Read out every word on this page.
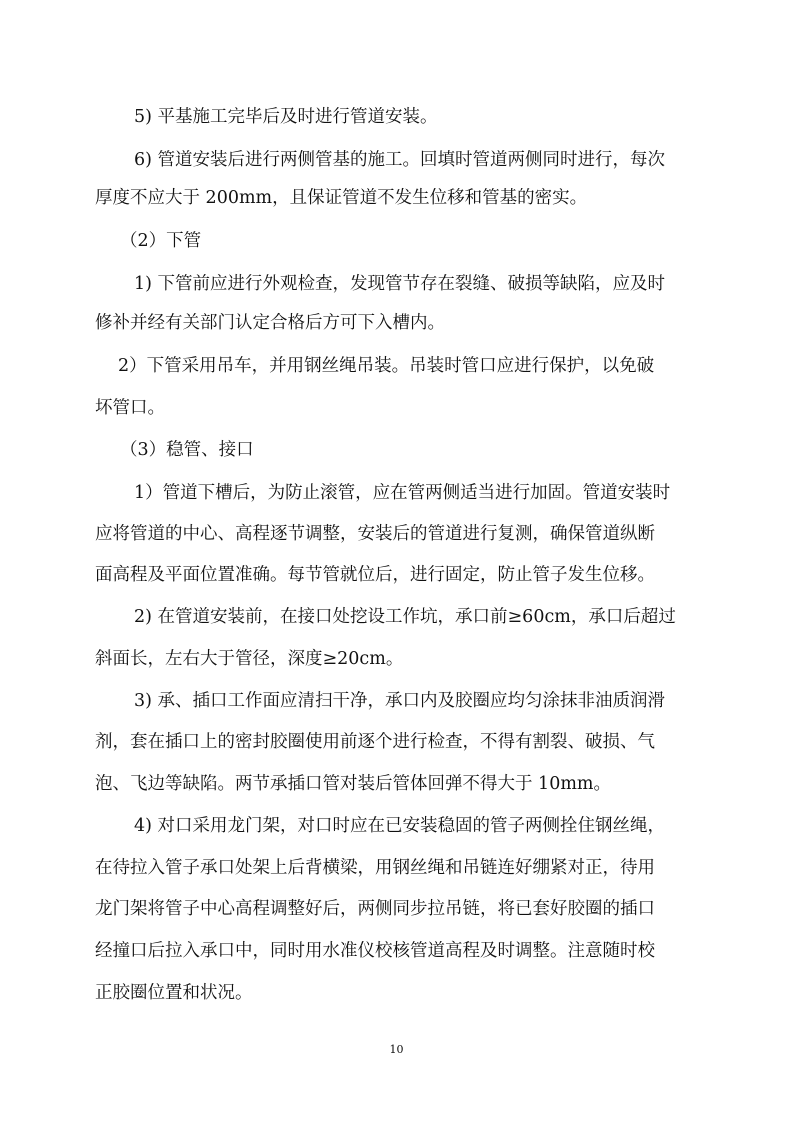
5) 平基施工完毕后及时进行管道安装。
6) 管道安装后进行两侧管基的施工。回填时管道两侧同时进行，每次
厚度不应大于 200mm，且保证管道不发生位移和管基的密实。
（2）下管
1) 下管前应进行外观检查，发现管节存在裂缝、破损等缺陷，应及时
修补并经有关部门认定合格后方可下入槽内。
2）下管采用吊车，并用钢丝绳吊装。吊装时管口应进行保护，以免破
坏管口。
（3）稳管、接口
1）管道下槽后，为防止滚管，应在管两侧适当进行加固。管道安装时
应将管道的中心、高程逐节调整，安装后的管道进行复测，确保管道纵断
面高程及平面位置准确。每节管就位后，进行固定，防止管子发生位移。
2) 在管道安装前，在接口处挖设工作坑，承口前≥60cm，承口后超过
斜面长，左右大于管径，深度≥20cm。
3) 承、插口工作面应清扫干净，承口内及胶圈应均匀涂抹非油质润滑
剂，套在插口上的密封胶圈使用前逐个进行检查，不得有割裂、破损、气
泡、飞边等缺陷。两节承插口管对装后管体回弹不得大于 10mm。
4) 对口采用龙门架，对口时应在已安装稳固的管子两侧拴住钢丝绳，
在待拉入管子承口处架上后背横梁，用钢丝绳和吊链连好绷紧对正，待用
龙门架将管子中心高程调整好后，两侧同步拉吊链，将已套好胶圈的插口
经撞口后拉入承口中，同时用水准仪校核管道高程及时调整。注意随时校
正胶圈位置和状况。
10
